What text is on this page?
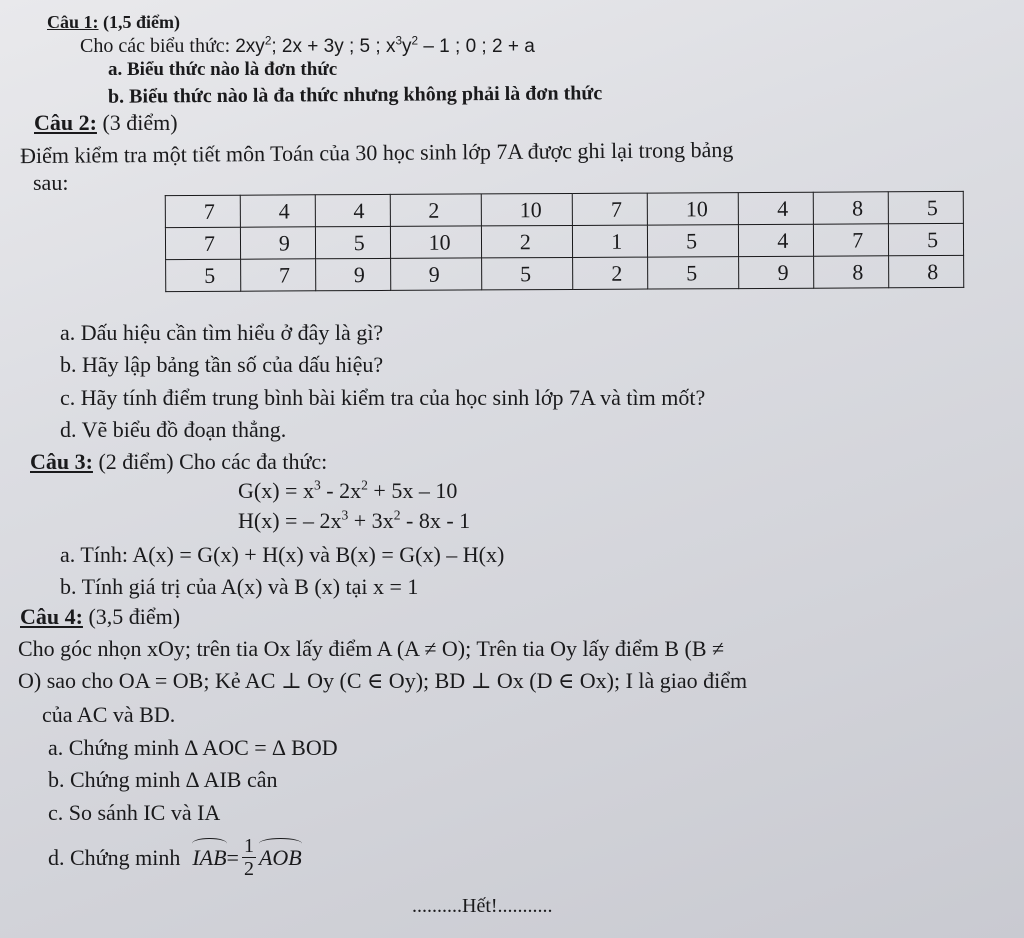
Câu 1: (1,5 điểm)
Cho các biểu thức: $2xy^2$; 2x + 3y ; 5 ; $x^3y^2 - 1$ ; 0 ; 2 + a
a. Biểu thức nào là đơn thức
b. Biểu thức nào là đa thức nhưng không phải là đơn thức
Câu 2: (3 điểm)
Điểm kiểm tra một tiết môn Toán của 30 học sinh lớp 7A được ghi lại trong bảng
sau:
7	4	4	2	10	7	10	4	8	5
7	9	5	10	2	1	5	4	7	5
5	7	9	9	5	2	5	9	8	8
a. Dấu hiệu cần tìm hiểu ở đây là gì?
b. Hãy lập bảng tần số của dấu hiệu?
c. Hãy tính điểm trung bình bài kiểm tra của học sinh lớp 7A và tìm mốt?
d. Vẽ biểu đồ đoạn thẳng.
Câu 3: (2 điểm) Cho các đa thức:
$G(x) = x^3 - 2x^2 + 5x - 10$
H(x) = – $2x^3 + 3x^2 - 8x - 1$
a. Tính: A(x) = G(x) + H(x) và B(x) = G(x) – H(x)
b. Tính giá trị của A(x) và B (x) tại x = 1
Câu 4: (3,5 điểm)
Cho góc nhọn xOy; trên tia Ox lấy điểm A (A ≠ O); Trên tia Oy lấy điểm B (B ≠
O) sao cho OA = OB; Kẻ AC ⊥ Oy (C ∈ Oy); BD ⊥ Ox (D ∈ Ox); I là giao điểm
của AC và BD.
a. Chứng minh ∆ AOC = ∆ BOD
b. Chứng minh ∆ AIB cân
c. So sánh IC và IA
d. Chứng minh IAB = $\frac{1}{2}$ AOB
..........Hết!...........
